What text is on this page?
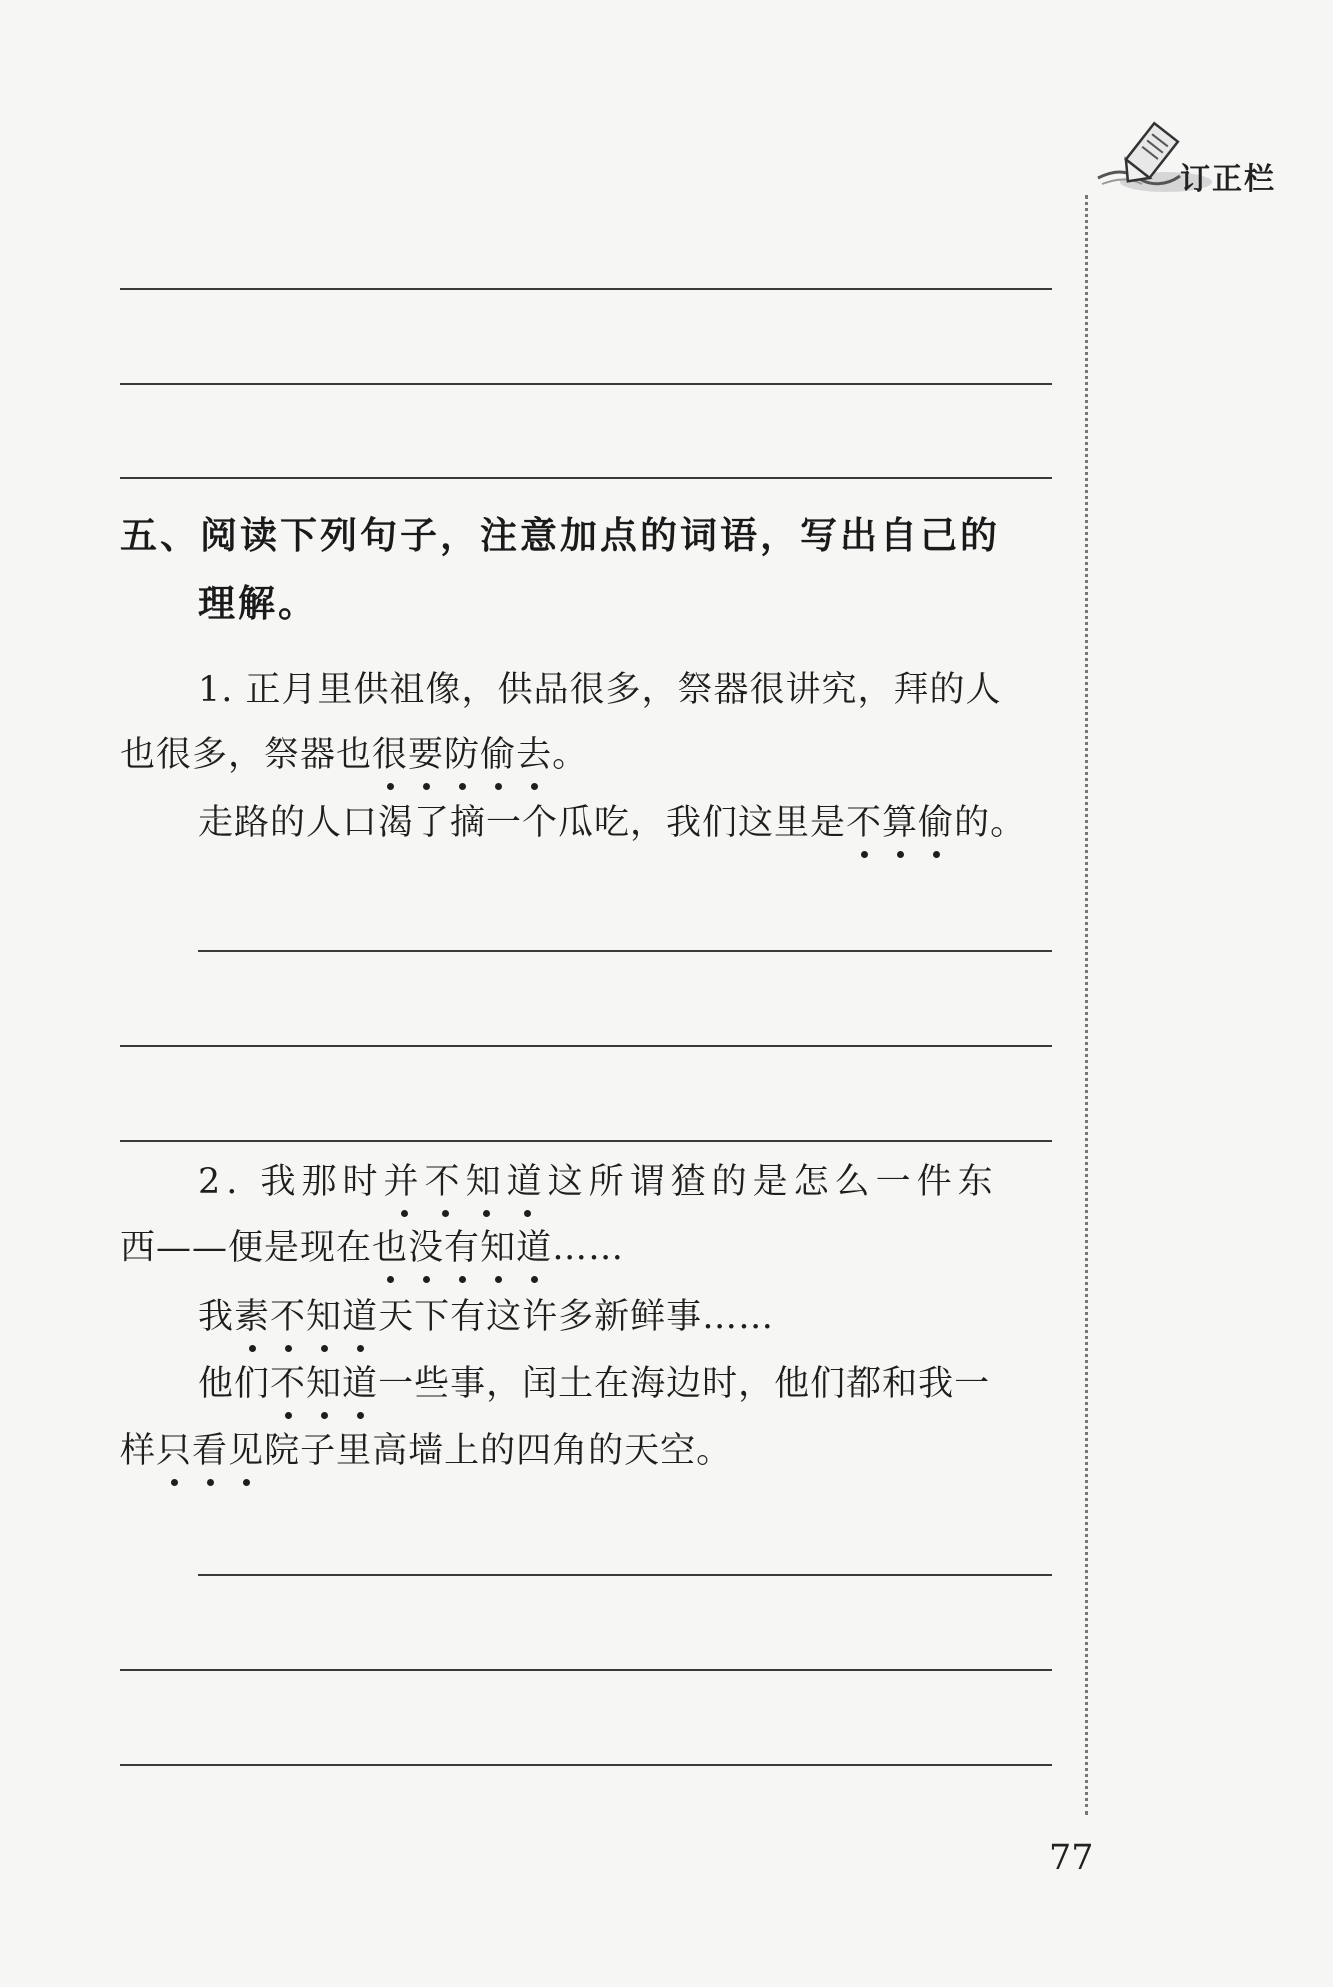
订正栏
五、阅读下列句子，注意加点的词语，写出自己的
理解。
1. 正月里供祖像，供品很多，祭器很讲究，拜的人
也很多，祭器也很要防偷去。
走路的人口渴了摘一个瓜吃，我们这里是不算偷的。
2. 我那时并不知道这所谓猹的是怎么一件东
西——便是现在也没有知道……
我素不知道天下有这许多新鲜事……
他们不知道一些事，闰土在海边时，他们都和我一
样只看见院子里高墙上的四角的天空。
77
